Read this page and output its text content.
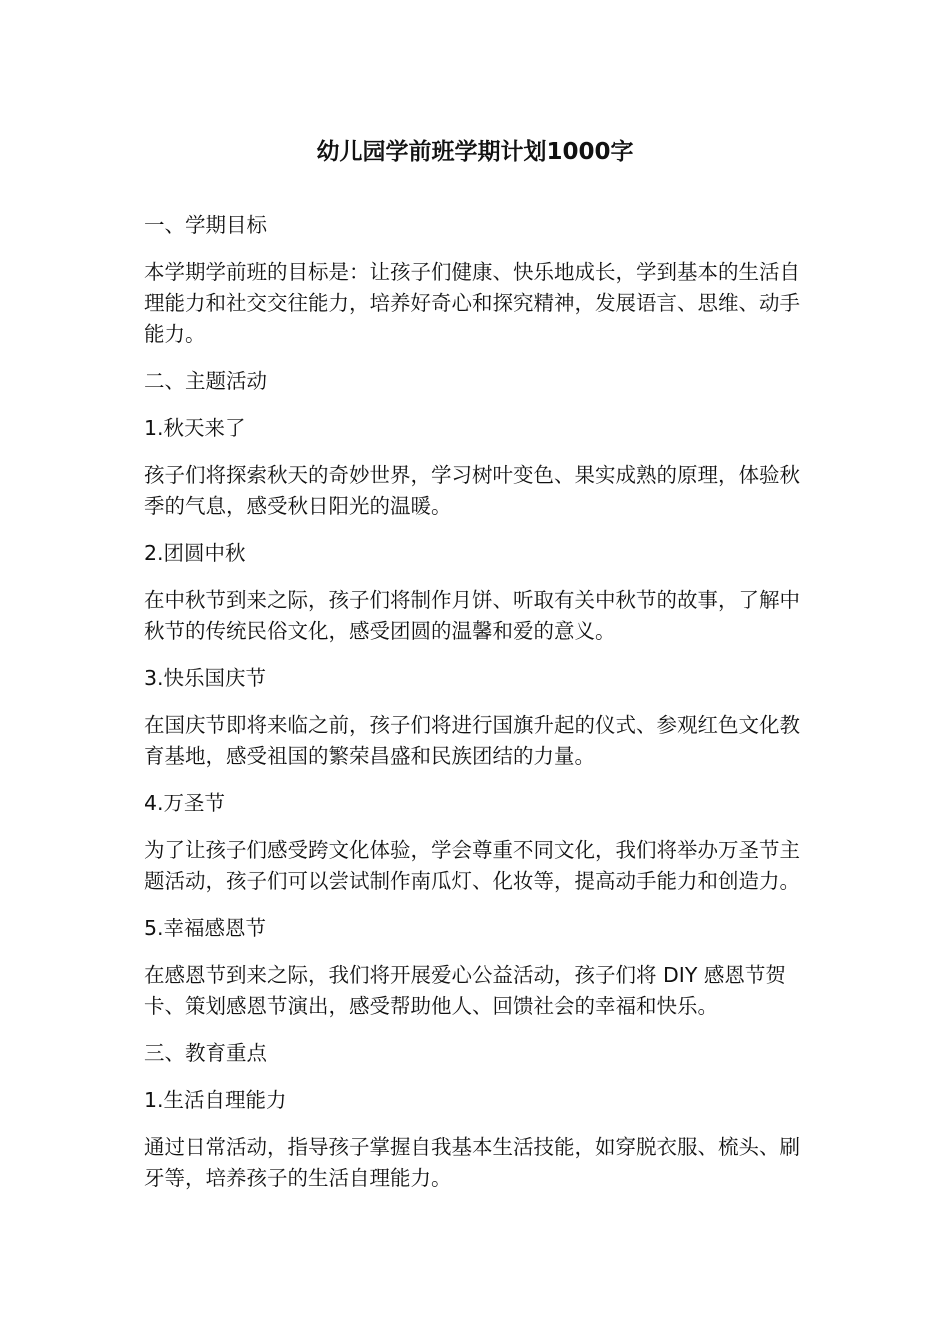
幼儿园学前班学期计划1000字

一、学期目标

本学期学前班的目标是：让孩子们健康、快乐地成长，学到基本的生活自理能力和社交交往能力，培养好奇心和探究精神，发展语言、思维、动手能力。

二、主题活动

1.秋天来了

孩子们将探索秋天的奇妙世界，学习树叶变色、果实成熟的原理，体验秋季的气息，感受秋日阳光的温暖。

2.团圆中秋

在中秋节到来之际，孩子们将制作月饼、听取有关中秋节的故事，了解中秋节的传统民俗文化，感受团圆的温馨和爱的意义。

3.快乐国庆节

在国庆节即将来临之前，孩子们将进行国旗升起的仪式、参观红色文化教育基地，感受祖国的繁荣昌盛和民族团结的力量。

4.万圣节

为了让孩子们感受跨文化体验，学会尊重不同文化，我们将举办万圣节主题活动，孩子们可以尝试制作南瓜灯、化妆等，提高动手能力和创造力。

5.幸福感恩节

在感恩节到来之际，我们将开展爱心公益活动，孩子们将 DIY 感恩节贺卡、策划感恩节演出，感受帮助他人、回馈社会的幸福和快乐。

三、教育重点

1.生活自理能力

通过日常活动，指导孩子掌握自我基本生活技能，如穿脱衣服、梳头、刷牙等，培养孩子的生活自理能力。
